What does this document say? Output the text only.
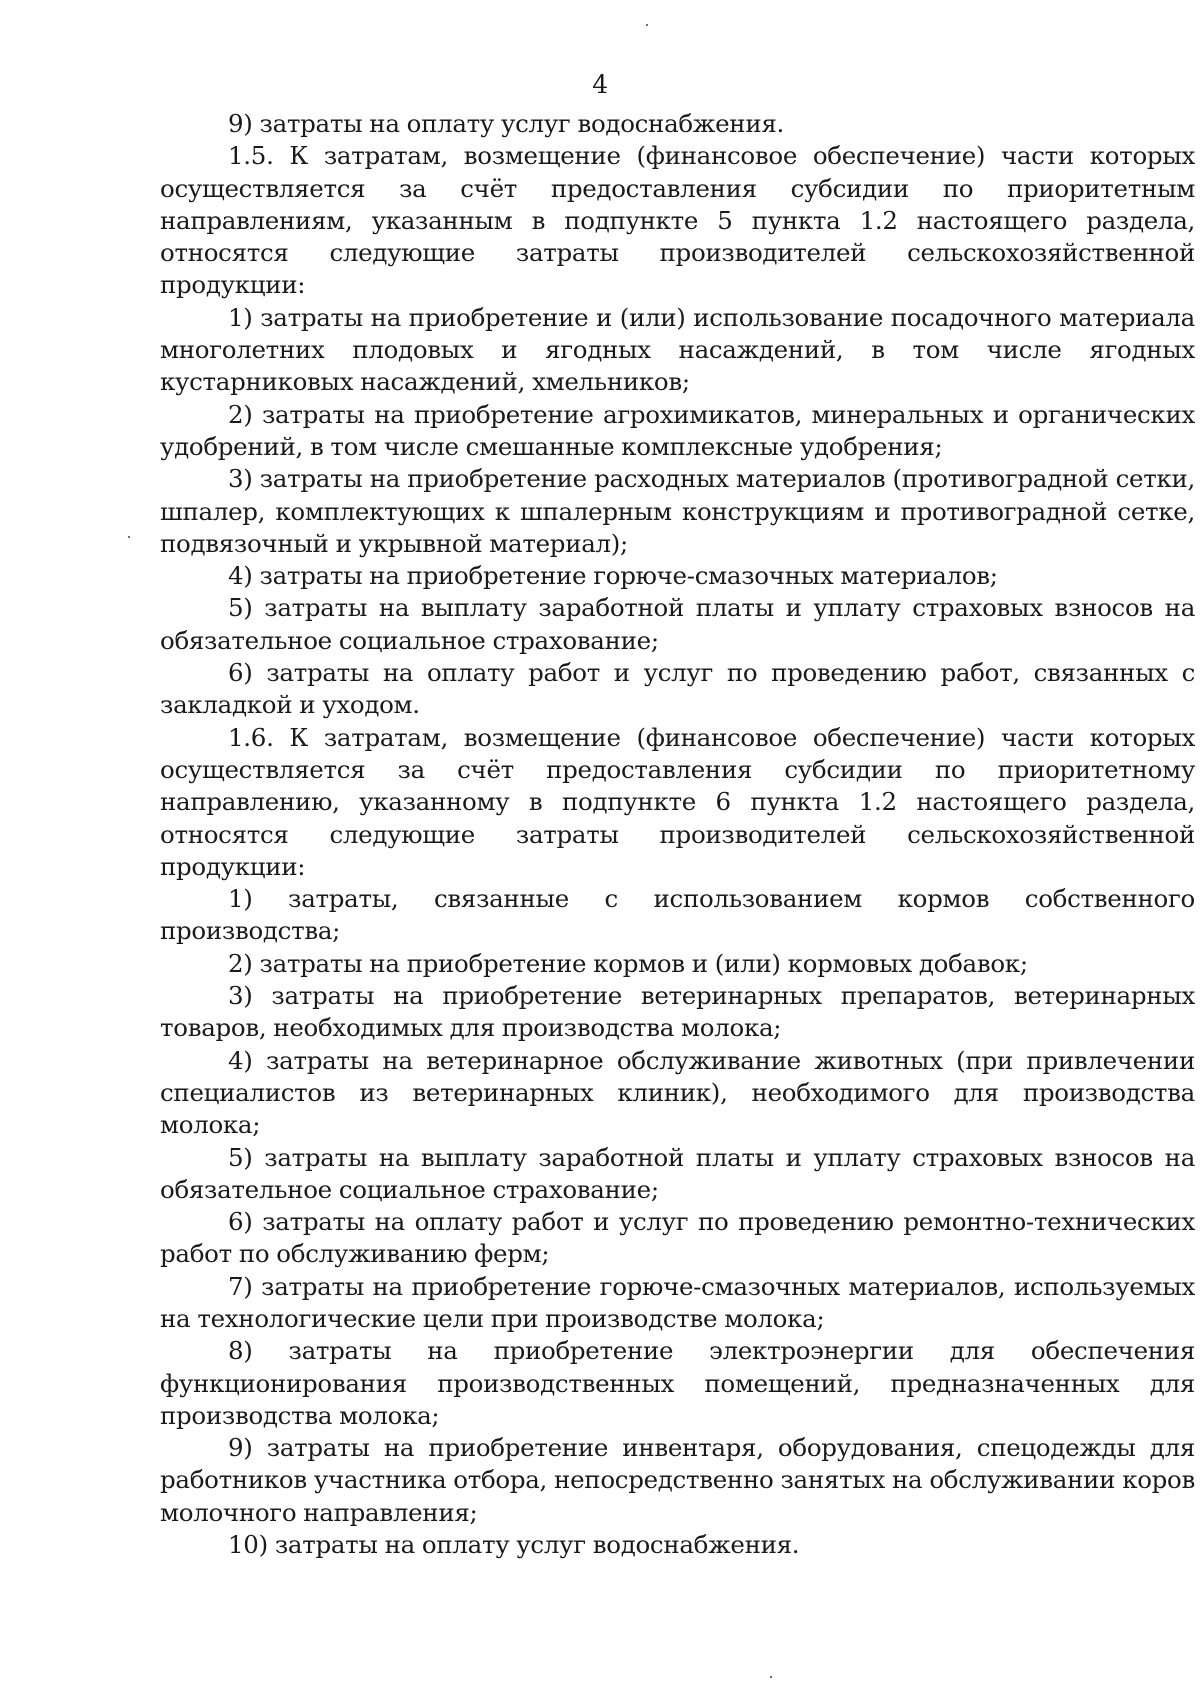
4

9) затраты на оплату услуг водоснабжения.

1.5. К затратам, возмещение (финансовое обеспечение) части которых осуществляется за счёт предоставления субсидии по приоритетным направлениям, указанным в подпункте 5 пункта 1.2 настоящего раздела, относятся следующие затраты производителей сельскохозяйственной продукции:

1) затраты на приобретение и (или) использование посадочного материала многолетних плодовых и ягодных насаждений, в том числе ягодных кустарниковых насаждений, хмельников;

2) затраты на приобретение агрохимикатов, минеральных и органических удобрений, в том числе смешанные комплексные удобрения;

3) затраты на приобретение расходных материалов (противоградной сетки, шпалер, комплектующих к шпалерным конструкциям и противоградной сетке, подвязочный и укрывной материал);

4) затраты на приобретение горюче-смазочных материалов;

5) затраты на выплату заработной платы и уплату страховых взносов на обязательное социальное страхование;

6) затраты на оплату работ и услуг по проведению работ, связанных с закладкой и уходом.

1.6. К затратам, возмещение (финансовое обеспечение) части которых осуществляется за счёт предоставления субсидии по приоритетному направлению, указанному в подпункте 6 пункта 1.2 настоящего раздела, относятся следующие затраты производителей сельскохозяйственной продукции:

1) затраты, связанные с использованием кормов собственного производства;

2) затраты на приобретение кормов и (или) кормовых добавок;

3) затраты на приобретение ветеринарных препаратов, ветеринарных товаров, необходимых для производства молока;

4) затраты на ветеринарное обслуживание животных (при привлечении специалистов из ветеринарных клиник), необходимого для производства молока;

5) затраты на выплату заработной платы и уплату страховых взносов на обязательное социальное страхование;

6) затраты на оплату работ и услуг по проведению ремонтно-технических работ по обслуживанию ферм;

7) затраты на приобретение горюче-смазочных материалов, используемых на технологические цели при производстве молока;

8) затраты на приобретение электроэнергии для обеспечения функционирования производственных помещений, предназначенных для производства молока;

9) затраты на приобретение инвентаря, оборудования, спецодежды для работников участника отбора, непосредственно занятых на обслуживании коров молочного направления;

10) затраты на оплату услуг водоснабжения.
